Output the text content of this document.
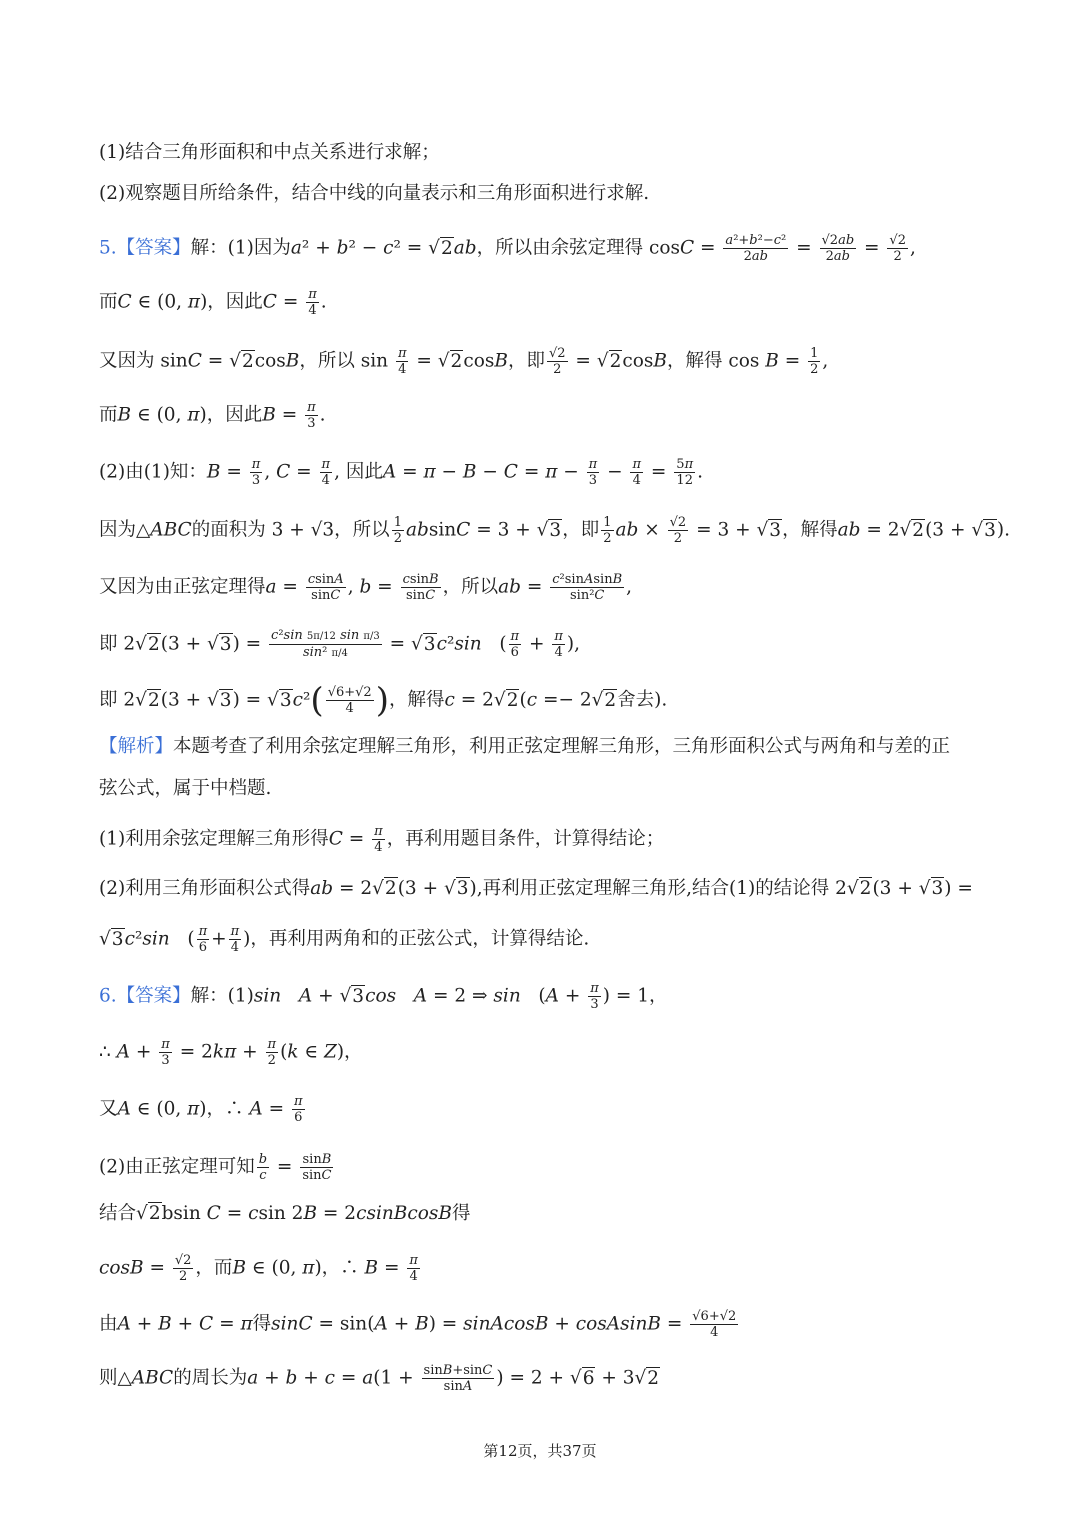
(1)结合三角形面积和中点关系进行求解；
(2)观察题目所给条件，结合中线的向量表示和三角形面积进行求解.
5.【答案】解：(1)因为a² + b² − c² = √2ab，所以由余弦定理得 $\cos C = \frac{\text{a²+b²−c²}}{2ab} = \frac{√2ab}{2ab} = \frac{√2}{2}$ ,
而C ∈ (0, π)，因此$C = \frac{\pi}{4}$ .
又因为 sinC = √2cosB，所以 $\sin \frac{\pi}{4} = √2\cos B$，即 $\frac{√2}{2} = √2\cos B$，解得 $\cos B = \frac{1}{2}$ ,
而B ∈ (0, π)，因此$B = \frac{\pi}{3}$ .
(2)由(1)知：$B = \frac{\pi}{3}$ , $C = \frac{\pi}{4}$ , 因此$A = \pi - B - C = \pi - \frac{\pi}{3} - \frac{\pi}{4} = \frac{5\pi}{12}$ .
因为△ABC的面积为 3 + √3，所以 $\frac{1}{2}$ absinC = 3 + √3，即 $\frac{1}{2}$ ab × $\frac{√2}{2} = 3 + √3$，解得ab = 2√2(3 + √3).
又因为由正弦定理得$a = \frac{csinA}{\sin C}$ , $b = \frac{csinB}{\sin C}$ ，所以ab = $\frac{\text{c²sinAsinB}}{\text{sin²C}}$ ,
即 $2√2(3 + √3) = \frac{\text{c²sin 5π/12 sin π/3}}{\text{sin² π/4}} = √3c^2\sin$   ( $\frac{\pi}{6} + \frac{\pi}{4}$ ),
即 $2√2(3 + √3) = √3c^2( \frac{√6+√2}{4}$ )，解得c = 2√2(c =− 2√2舍去).
【解析】本题考查了利用余弦定理解三角形，利用正弦定理解三角形，三角形面积公式与两角和与差的正
弦公式，属于中档题.
(1)利用余弦定理解三角形得$C = \frac{\pi}{4}$ ，再利用题目条件，计算得结论；
(2)利用三角形面积公式得ab = 2√2(3 + √3),再利用正弦定理解三角形,结合(1)的结论得 2√2(3 + √3) =
√3c²sin   ( $\frac{\pi}{6} + \frac{\pi}{4}$ )，再利用两角和的正弦公式，计算得结论.
6.【答案】解：(1)sin A + √3cos A = 2 ⇒ $\sin (A + \frac{\pi}{3}$ ) = 1，
∴ $A + \frac{\pi}{3} = 2k\pi + \frac{\pi}{2} (k$ ∈ Z)，
又A ∈ (0, π)，∴ $A = \frac{\pi}{6}$
(2)由正弦定理可知 $\frac{b}{c} = \frac{\sin B}{\sin C}$
结合√2bsin C = csin 2B = 2csinBcosB得
$\cos B = \frac{√2}{2}$ ，而B ∈ (0, π)，∴ $B = \frac{\pi}{4}$
由A + B + C = π得sinC = sin(A + B) = sinAcosB + cosAsinB = $\frac{√6+√2}{4}$
则△ABC的周长为$a + b + c = a(1 + \frac{\sin B+\sin C}{\sin A}$ ) = 2 + √6 + 3√2
第12页，共37页
